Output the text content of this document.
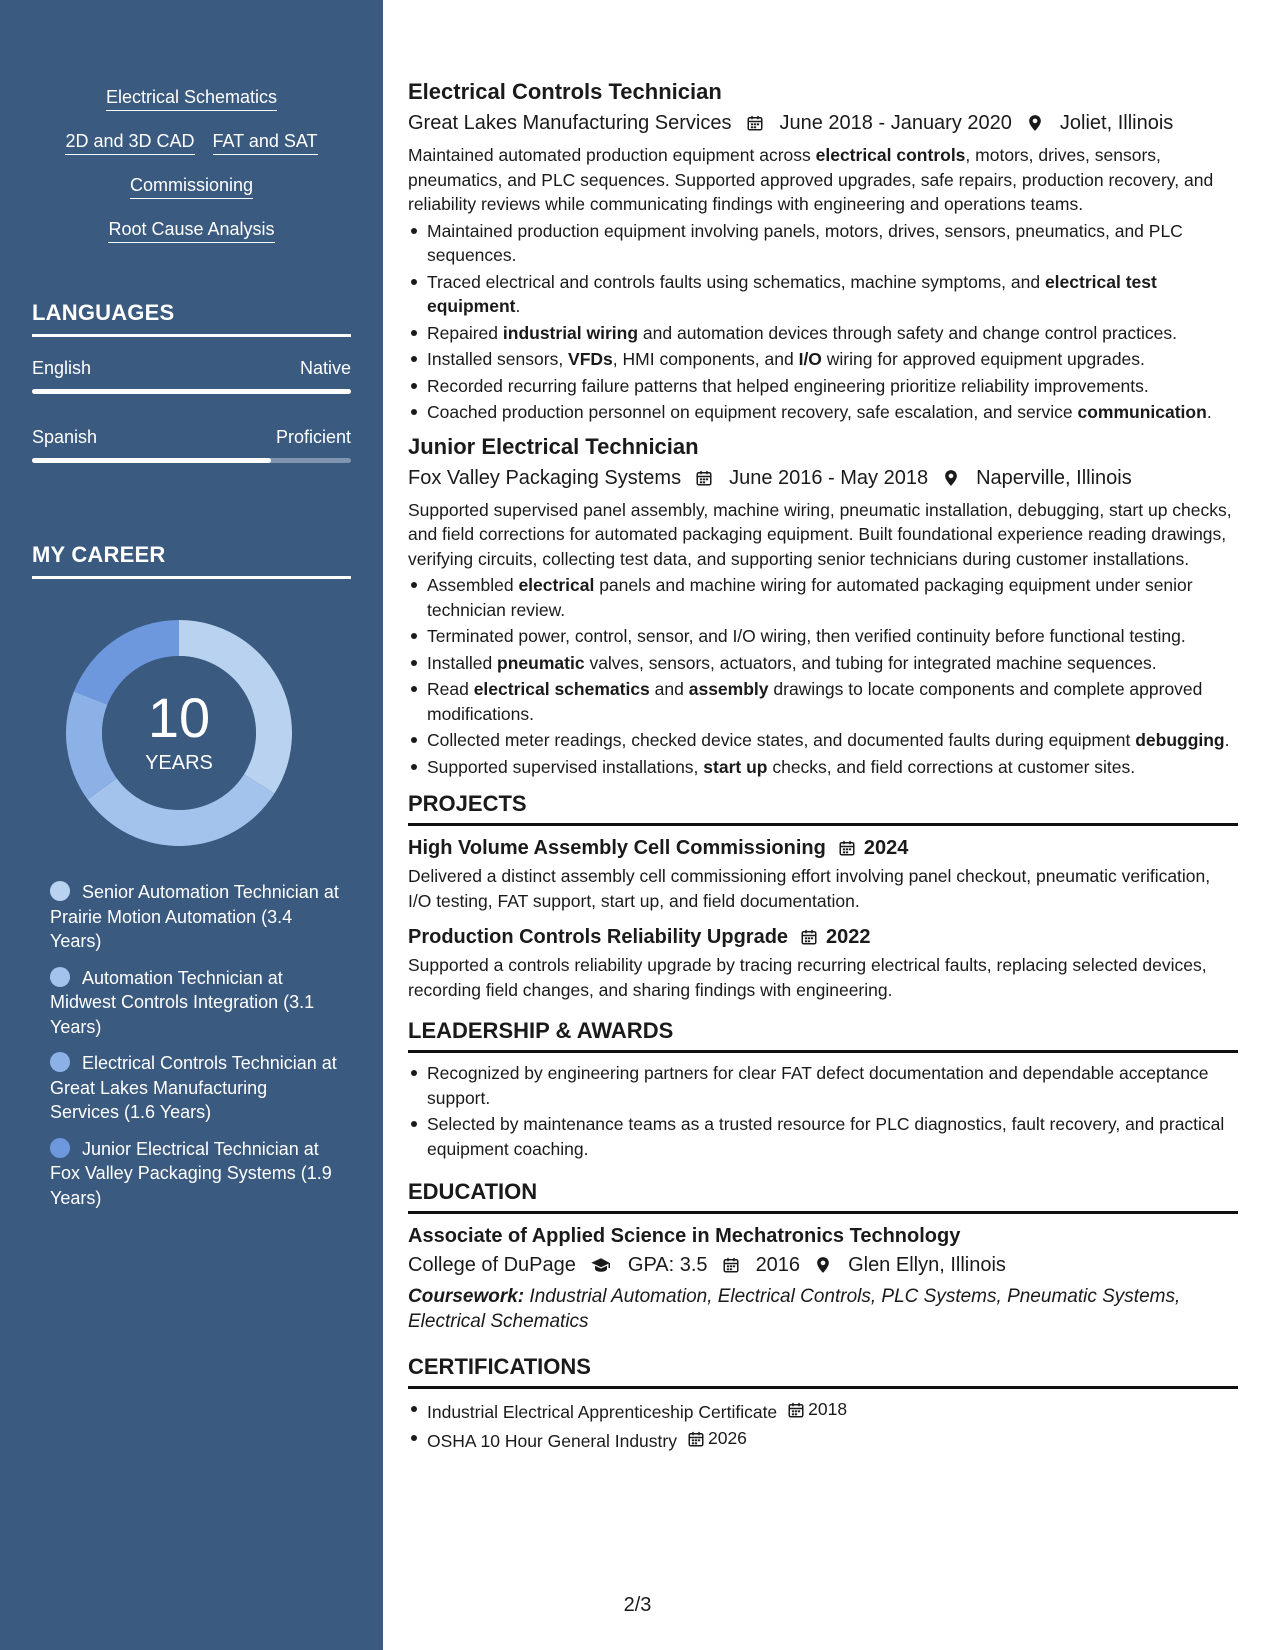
Electrical Schematics
2D and 3D CAD FAT and SAT
Commissioning
Root Cause Analysis
LANGUAGES
English	Native
Spanish	Proficient
MY CAREER
10
YEARS
Senior Automation Technician at Prairie Motion Automation (3.4 Years)
Automation Technician at Midwest Controls Integration (3.1 Years)
Electrical Controls Technician at Great Lakes Manufacturing Services (1.6 Years)
Junior Electrical Technician at Fox Valley Packaging Systems (1.9 Years)
Electrical Controls Technician
Great Lakes Manufacturing Services June 2018 - January 2020 Joliet, Illinois
Maintained automated production equipment across electrical controls, motors, drives, sensors, pneumatics, and PLC sequences. Supported approved upgrades, safe repairs, production recovery, and reliability reviews while communicating findings with engineering and operations teams.
Maintained production equipment involving panels, motors, drives, sensors, pneumatics, and PLC sequences.
Traced electrical and controls faults using schematics, machine symptoms, and electrical test equipment.
Repaired industrial wiring and automation devices through safety and change control practices.
Installed sensors, VFDs, HMI components, and I/O wiring for approved equipment upgrades.
Recorded recurring failure patterns that helped engineering prioritize reliability improvements.
Coached production personnel on equipment recovery, safe escalation, and service communication.
Junior Electrical Technician
Fox Valley Packaging Systems June 2016 - May 2018 Naperville, Illinois
Supported supervised panel assembly, machine wiring, pneumatic installation, debugging, start up checks, and field corrections for automated packaging equipment. Built foundational experience reading drawings, verifying circuits, collecting test data, and supporting senior technicians during customer installations.
Assembled electrical panels and machine wiring for automated packaging equipment under senior technician review.
Terminated power, control, sensor, and I/O wiring, then verified continuity before functional testing.
Installed pneumatic valves, sensors, actuators, and tubing for integrated machine sequences.
Read electrical schematics and assembly drawings to locate components and complete approved modifications.
Collected meter readings, checked device states, and documented faults during equipment debugging.
Supported supervised installations, start up checks, and field corrections at customer sites.
PROJECTS
High Volume Assembly Cell Commissioning 2024
Delivered a distinct assembly cell commissioning effort involving panel checkout, pneumatic verification, I/O testing, FAT support, start up, and field documentation.
Production Controls Reliability Upgrade 2022
Supported a controls reliability upgrade by tracing recurring electrical faults, replacing selected devices, recording field changes, and sharing findings with engineering.
LEADERSHIP & AWARDS
Recognized by engineering partners for clear FAT defect documentation and dependable acceptance support.
Selected by maintenance teams as a trusted resource for PLC diagnostics, fault recovery, and practical equipment coaching.
EDUCATION
Associate of Applied Science in Mechatronics Technology
College of DuPage	GPA: 3.5 2016 Glen Ellyn, Illinois
Coursework: Industrial Automation, Electrical Controls, PLC Systems, Pneumatic Systems, Electrical Schematics
CERTIFICATIONS
Industrial Electrical Apprenticeship Certificate 2018
OSHA 10 Hour General Industry 2026
2/3
